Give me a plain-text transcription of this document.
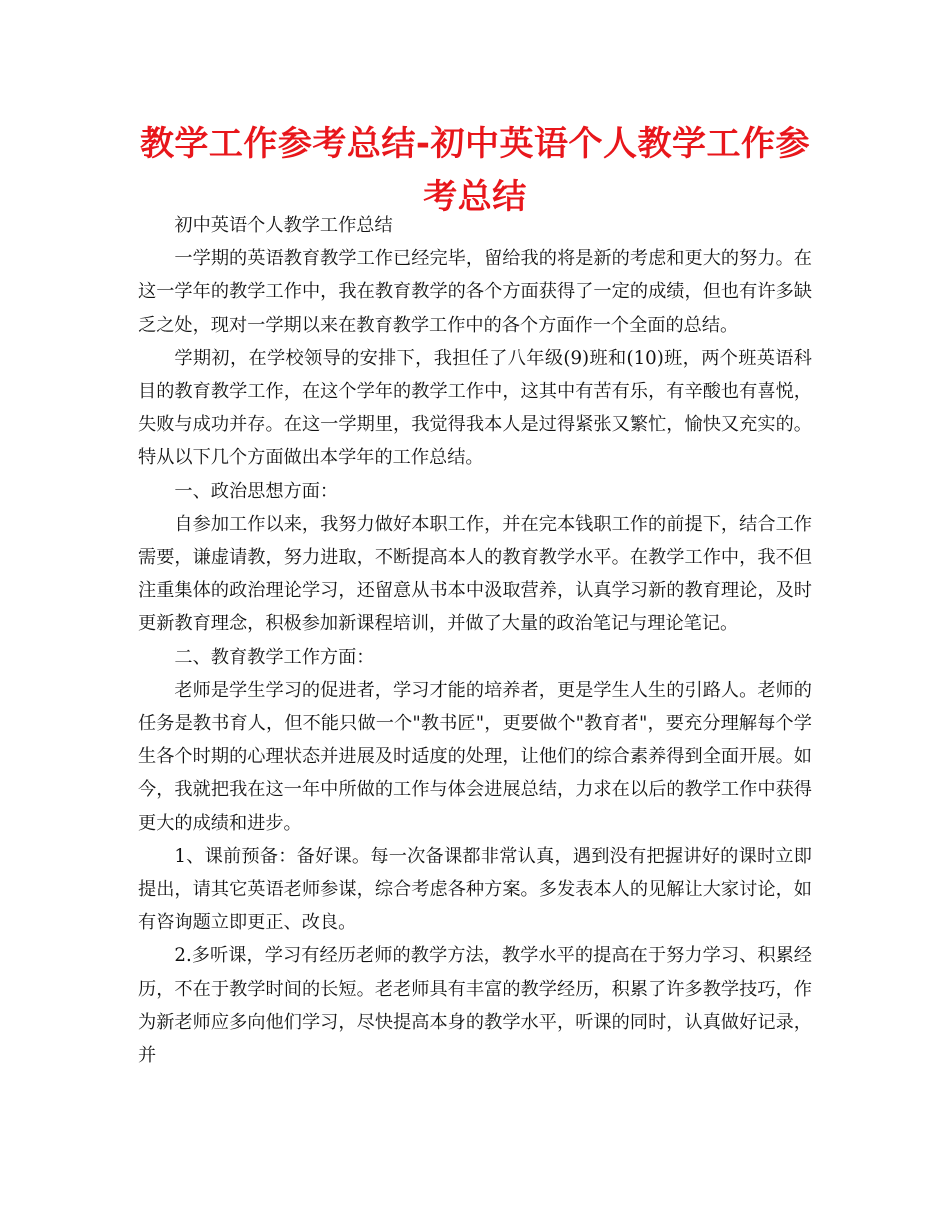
教学工作参考总结-初中英语个人教学工作参考总结

初中英语个人教学工作总结

一学期的英语教育教学工作已经完毕，留给我的将是新的考虑和更大的努力。在这一学年的教学工作中，我在教育教学的各个方面获得了一定的成绩，但也有许多缺乏之处，现对一学期以来在教育教学工作中的各个方面作一个全面的总结。

学期初，在学校领导的安排下，我担任了八年级(9)班和(10)班，两个班英语科目的教育教学工作，在这个学年的教学工作中，这其中有苦有乐，有辛酸也有喜悦，失败与成功并存。在这一学期里，我觉得我本人是过得紧张又繁忙，愉快又充实的。特从以下几个方面做出本学年的工作总结。

一、政治思想方面：

自参加工作以来，我努力做好本职工作，并在完本钱职工作的前提下，结合工作需要，谦虚请教，努力进取，不断提高本人的教育教学水平。在教学工作中，我不但注重集体的政治理论学习，还留意从书本中汲取营养，认真学习新的教育理论，及时更新教育理念，积极参加新课程培训，并做了大量的政治笔记与理论笔记。

二、教育教学工作方面：

老师是学生学习的促进者，学习才能的培养者，更是学生人生的引路人。老师的任务是教书育人，但不能只做一个"教书匠"，更要做个"教育者"，要充分理解每个学生各个时期的心理状态并进展及时适度的处理，让他们的综合素养得到全面开展。如今，我就把我在这一年中所做的工作与体会进展总结，力求在以后的教学工作中获得更大的成绩和进步。

1、课前预备：备好课。每一次备课都非常认真，遇到没有把握讲好的课时立即提出，请其它英语老师参谋，综合考虑各种方案。多发表本人的见解让大家讨论，如有咨询题立即更正、改良。

2.多听课，学习有经历老师的教学方法，教学水平的提高在于努力学习、积累经历，不在于教学时间的长短。老老师具有丰富的教学经历，积累了许多教学技巧，作为新老师应多向他们学习，尽快提高本身的教学水平，听课的同时，认真做好记录，并
